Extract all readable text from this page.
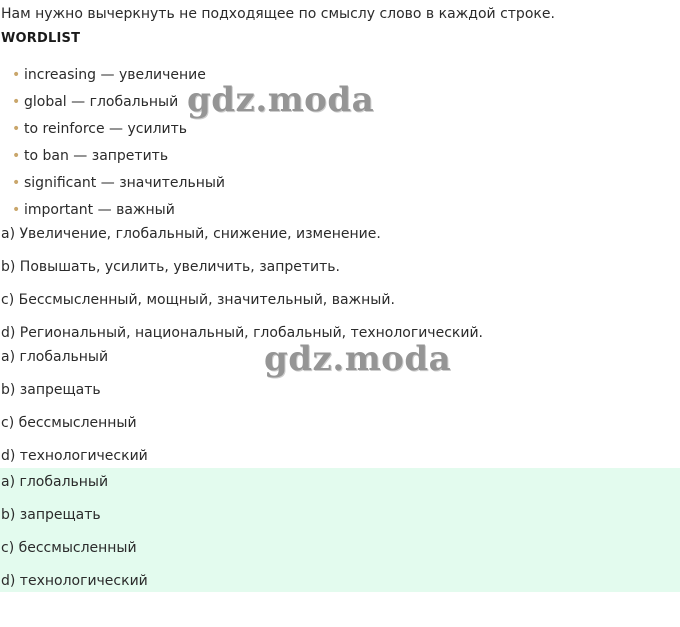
Нам нужно вычеркнуть не подходящее по смыслу слово в каждой строке.
WORDLIST
• increasing — увеличение
• global — глобальный
• to reinforce — усилить
• to ban — запретить
• significant — значительный
• important — важный
a) Увеличение, глобальный, снижение, изменение.
b) Повышать, усилить, увеличить, запретить.
c) Бессмысленный, мощный, значительный, важный.
d) Региональный, национальный, глобальный, технологический.
a) глобальный
b) запрещать
c) бессмысленный
d) технологический
a) глобальный
b) запрещать
c) бессмысленный
d) технологический
gdz.moda
gdz.moda
